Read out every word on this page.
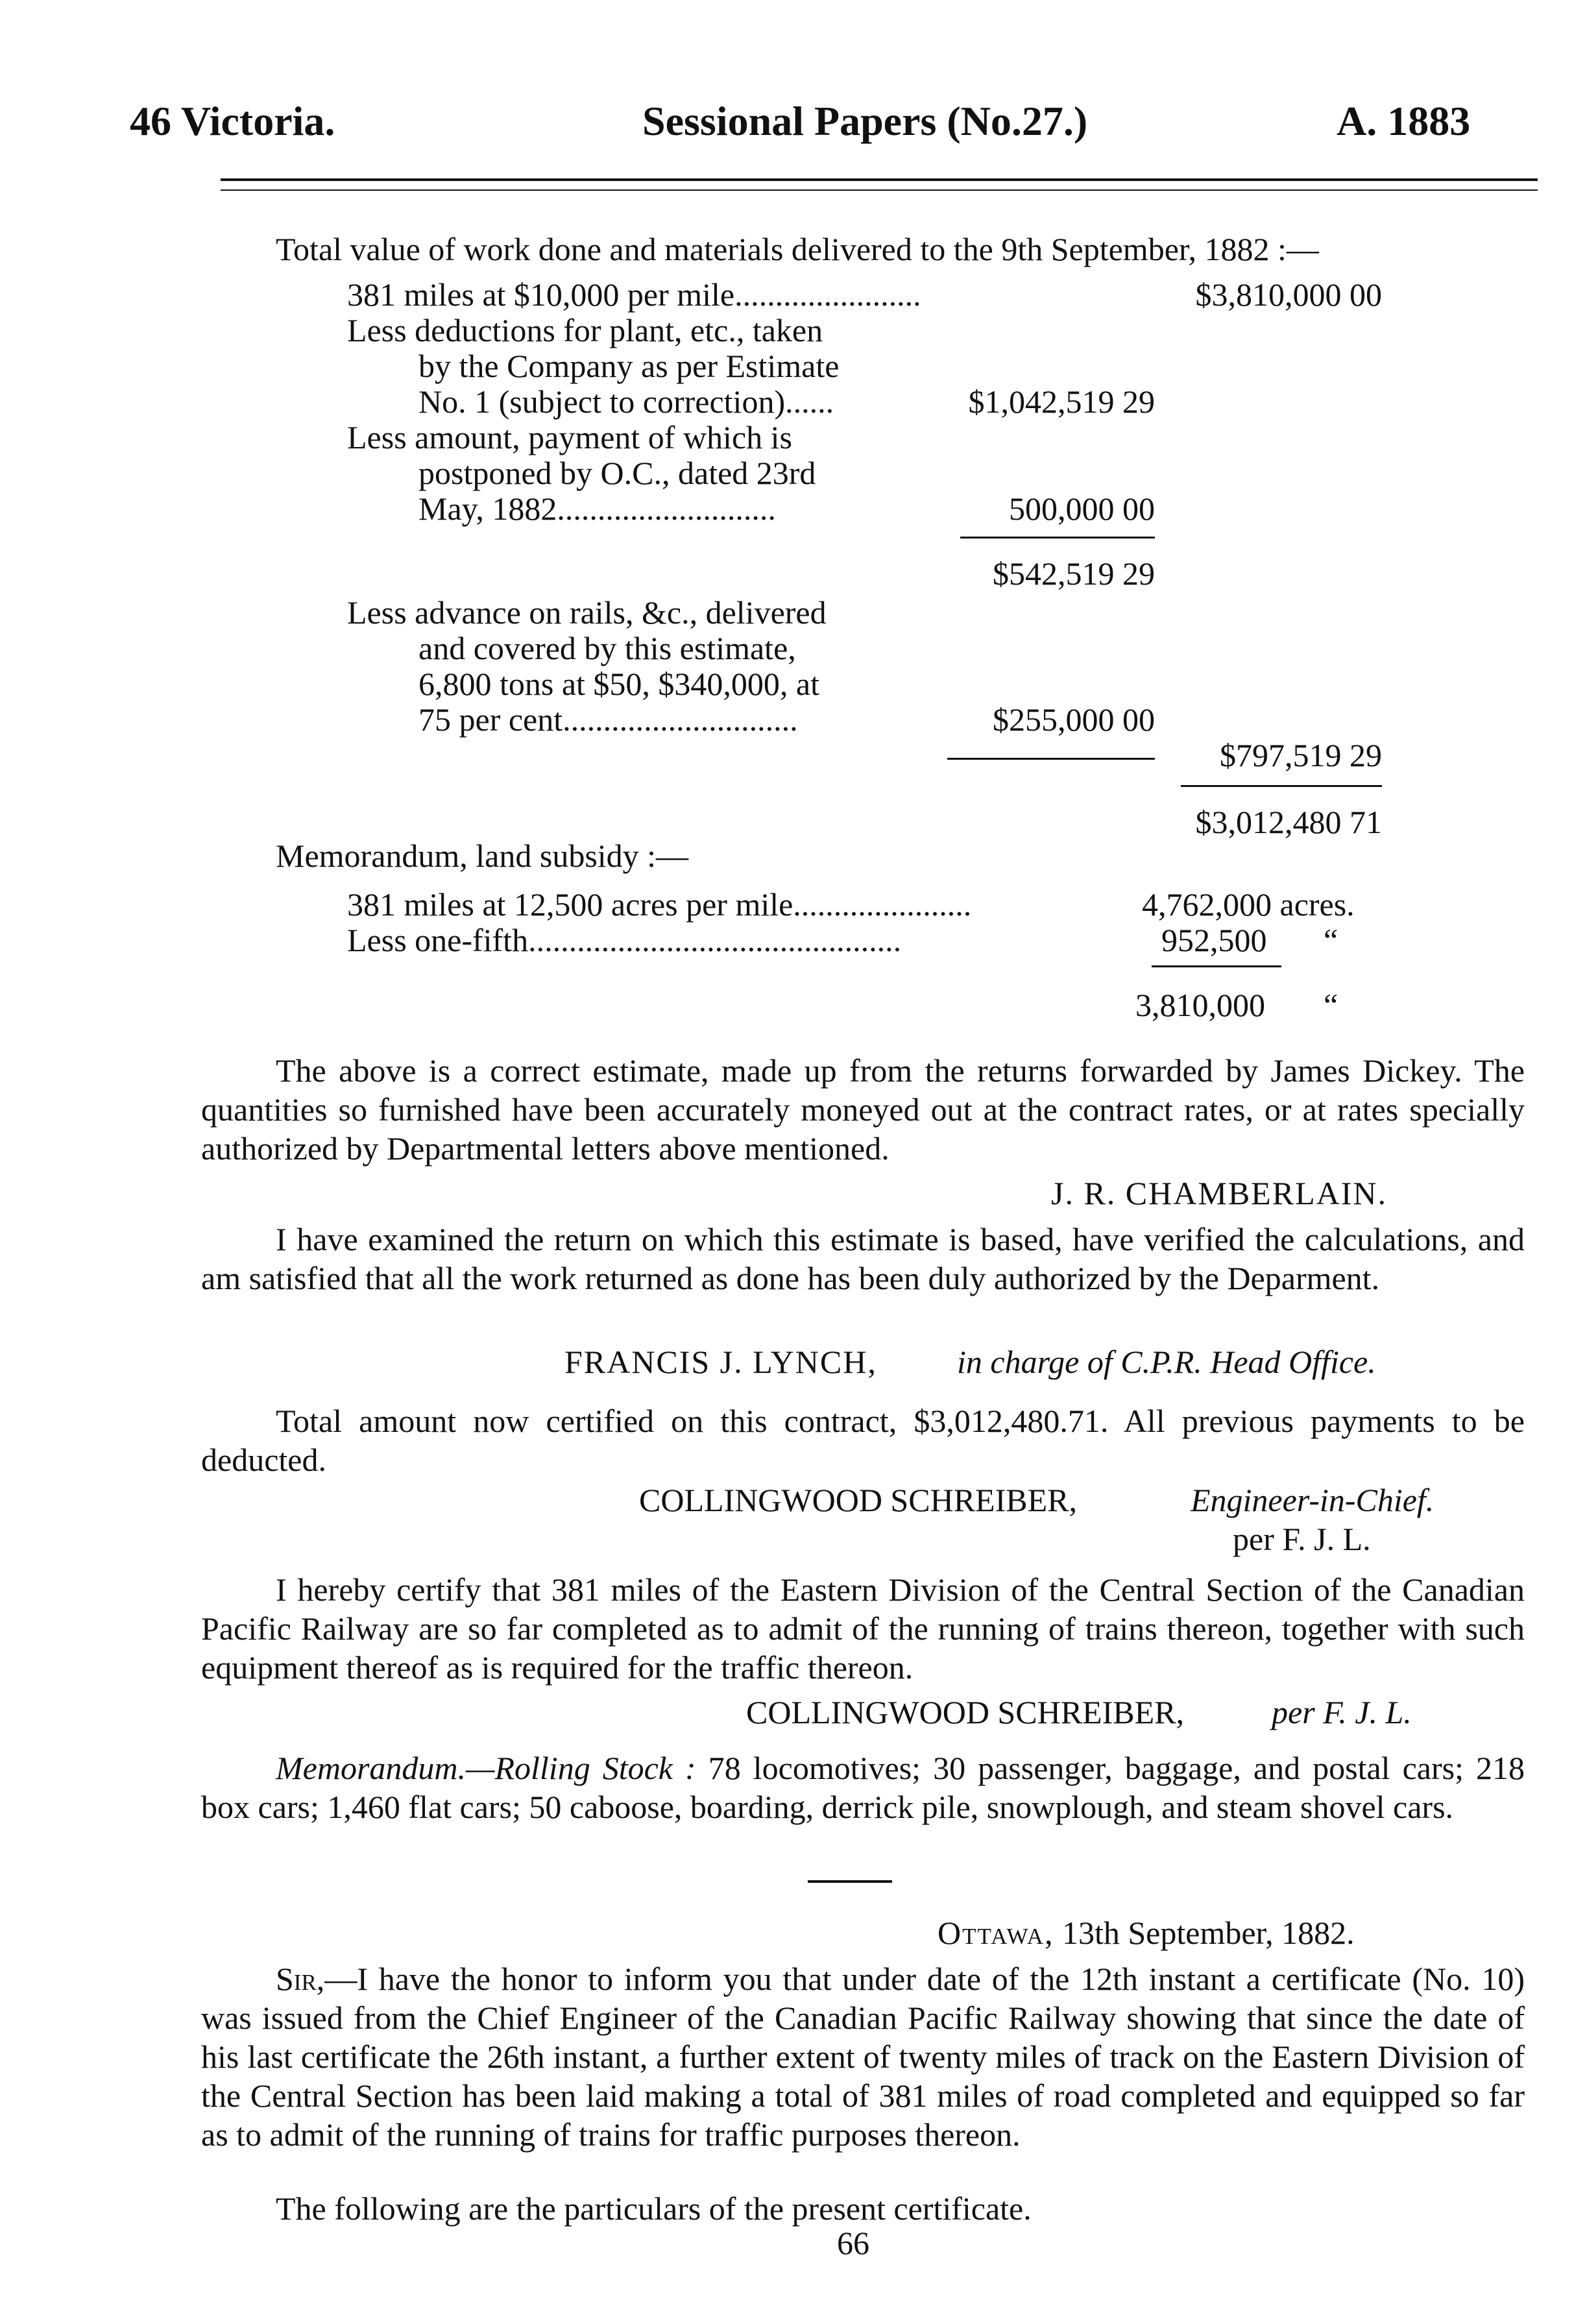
46 Victoria.	Sessional Papers (No.27.)	A. 1883
Total value of work done and materials delivered to the 9th September, 1882 :—
381 miles at $10,000 per mile.......................	$3,810,000 00
Less deductions for plant, etc., taken
by the Company as per Estimate
No. 1 (subject to correction)......	$1,042,519 29
Less amount, payment of which is
postponed by O.C., dated 23rd
May, 1882...........................	500,000 00
$542,519 29
Less advance on rails, &c., delivered
and covered by this estimate,
6,800 tons at $50, $340,000, at
75 per cent.............................	$255,000 00
$797,519 29
$3,012,480 71
Memorandum, land subsidy :—
381 miles at 12,500 acres per mile......................	4,762,000 acres.
Less one-fifth..............................................	952,500 “
3,810,000 “
The above is a correct estimate, made up from the returns forwarded by James Dickey. The quantities so furnished have been accurately moneyed out at the contract rates, or at rates specially authorized by Departmental letters above mentioned.
J. R. CHAMBERLAIN.
I have examined the return on which this estimate is based, have verified the calculations, and am satisfied that all the work returned as done has been duly authorized by the Deparment.
FRANCIS J. LYNCH, in charge of C.P.R. Head Office.
Total amount now certified on this contract, $3,012,480.71. All previous payments to be deducted.
COLLINGWOOD SCHREIBER,	Engineer-in-Chief.
per F. J. L.
I hereby certify that 381 miles of the Eastern Division of the Central Section of the Canadian Pacific Railway are so far completed as to admit of the running of trains thereon, together with such equipment thereof as is required for the traffic thereon.
COLLINGWOOD SCHREIBER,	per F. J. L.
Memorandum.—Rolling Stock : 78 locomotives; 30 passenger, baggage, and postal cars; 218 box cars; 1,460 flat cars; 50 caboose, boarding, derrick pile, snowplough, and steam shovel cars.
Ottawa, 13th September, 1882.
Sir,—I have the honor to inform you that under date of the 12th instant a certificate (No. 10) was issued from the Chief Engineer of the Canadian Pacific Railway showing that since the date of his last certificate the 26th instant, a further extent of twenty miles of track on the Eastern Division of the Central Section has been laid making a total of 381 miles of road completed and equipped so far as to admit of the running of trains for traffic purposes thereon.
The following are the particulars of the present certificate.
66
